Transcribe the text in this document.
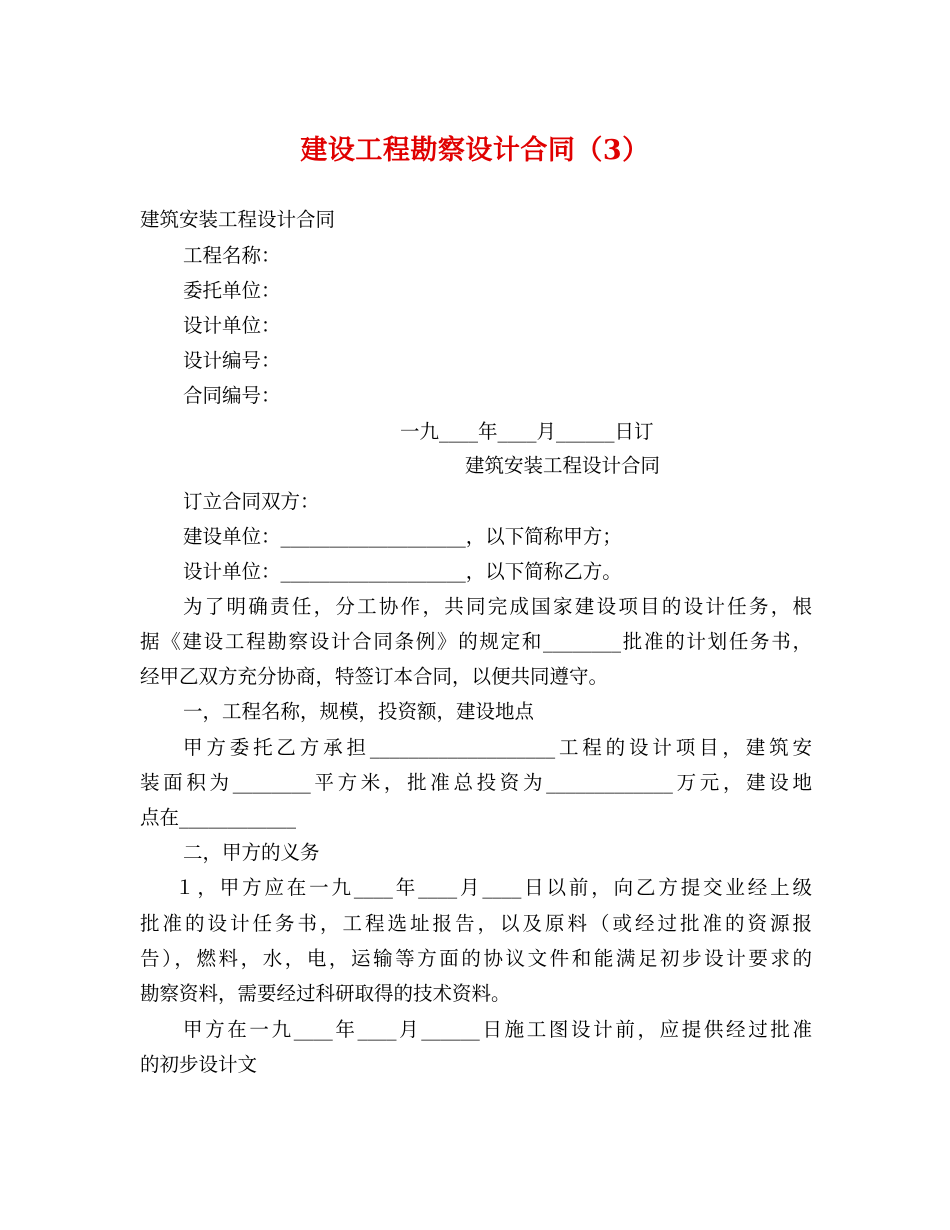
建设工程勘察设计合同（3）
建筑安装工程设计合同
工程名称：
委托单位：
设计单位：
设计编号：
合同编号：
一九____年____月______日订
建筑安装工程设计合同
订立合同双方：
建设单位：___________________，以下简称甲方；
设计单位：___________________，以下简称乙方。
为了明确责任，分工协作，共同完成国家建设项目的设计任务，根
据《建设工程勘察设计合同条例》的规定和________批准的计划任务书，
经甲乙双方充分协商，特签订本合同，以便共同遵守。
一，工程名称，规模，投资额，建设地点
甲方委托乙方承担___________________工程的设计项目，建筑安
装面积为________平方米，批准总投资为_____________万元，建设地
点在____________
二，甲方的义务
１，甲方应在一九____年____月____日以前，向乙方提交业经上级
批准的设计任务书，工程选址报告，以及原料（或经过批准的资源报
告），燃料，水，电，运输等方面的协议文件和能满足初步设计要求的
勘察资料，需要经过科研取得的技术资料。
甲方在一九____年____月______日施工图设计前，应提供经过批准
的初步设计文
